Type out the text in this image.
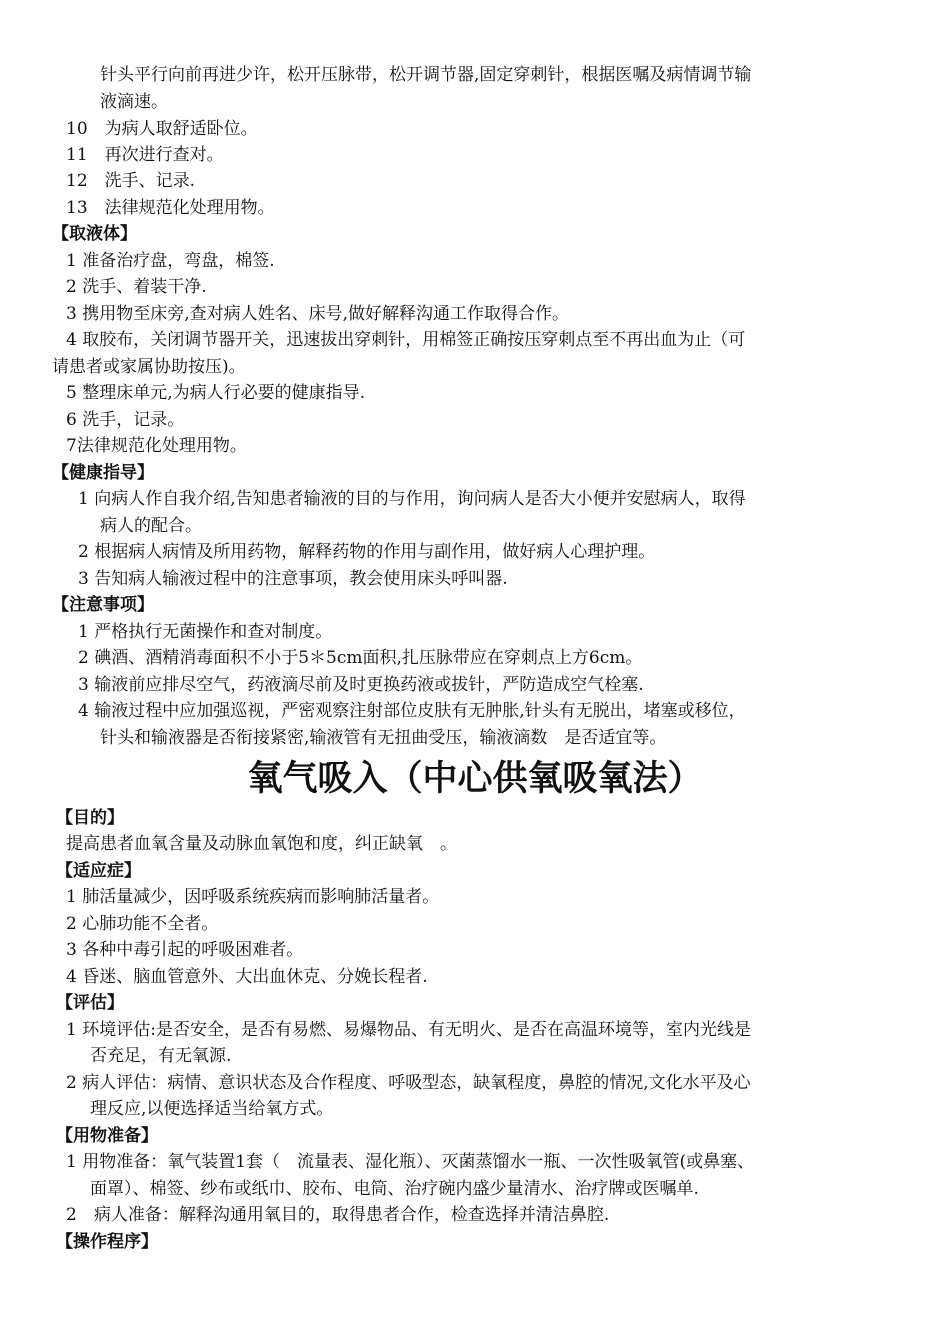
针头平行向前再进少许，松开压脉带，松开调节器,固定穿刺针，根据医嘱及病情调节输
液滴速。
10　为病人取舒适卧位。
11　再次进行查对。
12　洗手、记录.
13　法律规范化处理用物。
【取液体】
1 准备治疗盘，弯盘，棉签.
2 洗手、着装干净.
3 携用物至床旁,查对病人姓名、床号,做好解释沟通工作取得合作。
4 取胶布，关闭调节器开关，迅速拔出穿刺针，用棉签正确按压穿刺点至不再出血为止（可
请患者或家属协助按压)。
5 整理床单元,为病人行必要的健康指导.
6 洗手，记录。
7法律规范化处理用物。
【健康指导】
1 向病人作自我介绍,告知患者输液的目的与作用，询问病人是否大小便并安慰病人，取得
病人的配合。
2 根据病人病情及所用药物，解释药物的作用与副作用，做好病人心理护理。
3 告知病人输液过程中的注意事项，教会使用床头呼叫器.
【注意事项】
1 严格执行无菌操作和查对制度。
2 碘酒、酒精消毒面积不小于5＊5cm面积,扎压脉带应在穿刺点上方6cm。
3 输液前应排尽空气，药液滴尽前及时更换药液或拔针，严防造成空气栓塞.
4 输液过程中应加强巡视，严密观察注射部位皮肤有无肿胀,针头有无脱出，堵塞或移位，
针头和输液器是否衔接紧密,输液管有无扭曲受压，输液滴数　是否适宜等。
氧气吸入（中心供氧吸氧法）
【目的】
提高患者血氧含量及动脉血氧饱和度，纠正缺氧　。
【适应症】
1 肺活量减少，因呼吸系统疾病而影响肺活量者。
2 心肺功能不全者。
3 各种中毒引起的呼吸困难者。
4 昏迷、脑血管意外、大出血休克、分娩长程者.
【评估】
1 环境评估:是否安全，是否有易燃、易爆物品、有无明火、是否在高温环境等，室内光线是
否充足，有无氧源.
2 病人评估：病情、意识状态及合作程度、呼吸型态，缺氧程度，鼻腔的情况,文化水平及心
理反应,以便选择适当给氧方式。
【用物准备】
1 用物准备：氧气装置1套（　流量表、湿化瓶）、灭菌蒸馏水一瓶、一次性吸氧管(或鼻塞、
面罩）、棉签、纱布或纸巾、胶布、电筒、治疗碗内盛少量清水、治疗牌或医嘱单.
2　病人准备：解释沟通用氧目的，取得患者合作，检查选择并清洁鼻腔.
【操作程序】
